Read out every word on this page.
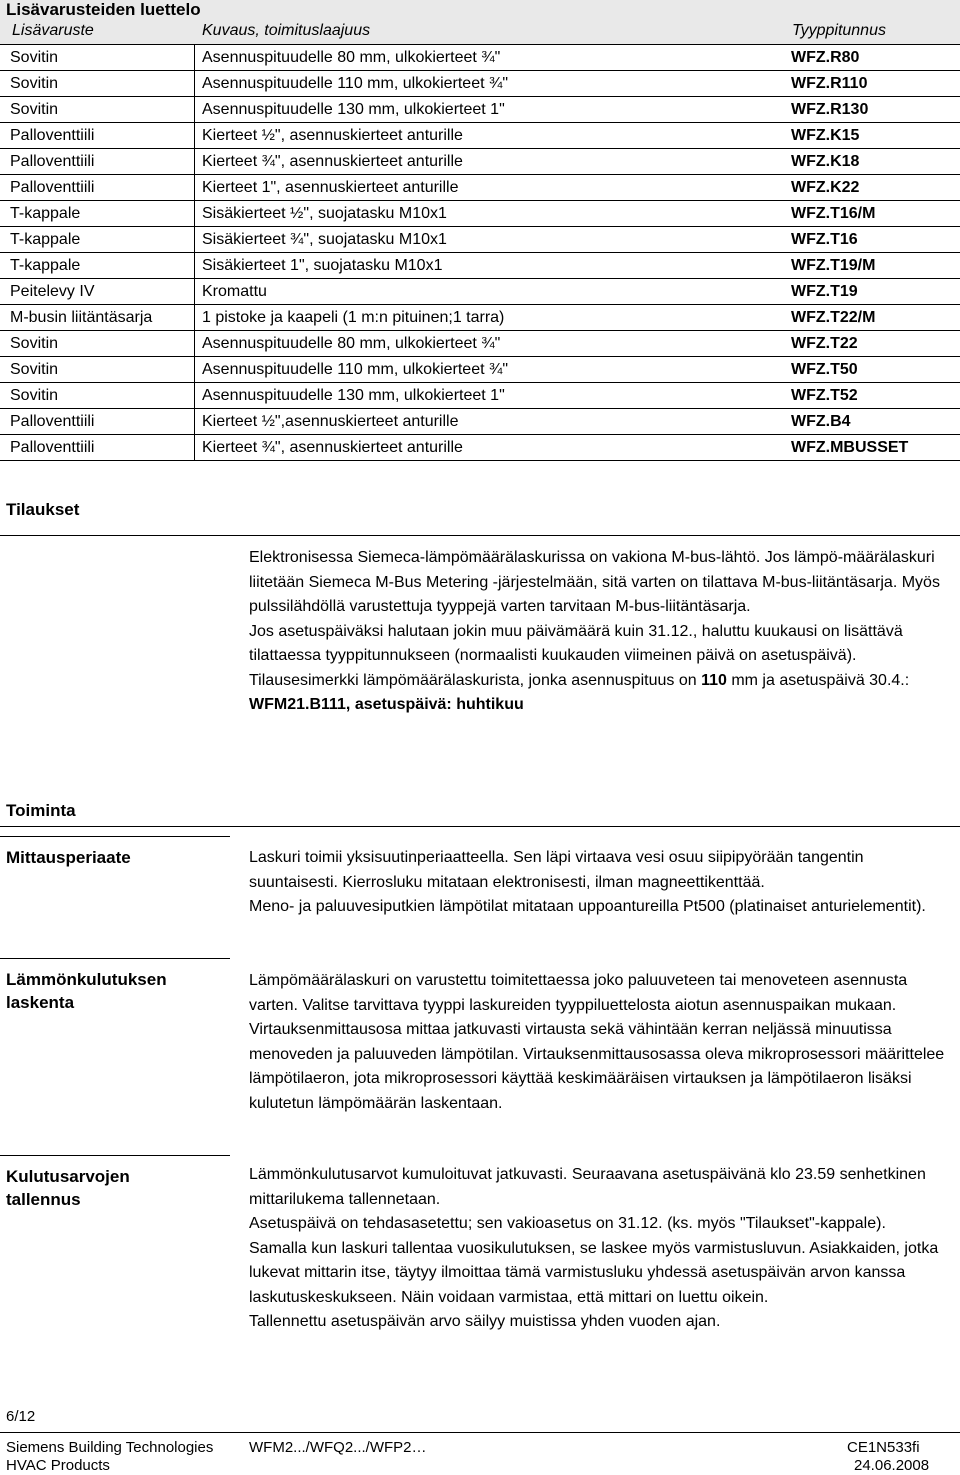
Lisävarusteiden luettelo
Lisävaruste	Kuvaus, toimituslaajuus	Tyyppitunnus
Sovitin	Asennuspituudelle 80 mm, ulkokierteet ¾"	WFZ.R80
Sovitin	Asennuspituudelle 110 mm, ulkokierteet ¾"	WFZ.R110
Sovitin	Asennuspituudelle 130 mm, ulkokierteet 1"	WFZ.R130
Palloventtiili	Kierteet ½", asennuskierteet anturille	WFZ.K15
Palloventtiili	Kierteet ¾", asennuskierteet anturille	WFZ.K18
Palloventtiili	Kierteet 1", asennuskierteet anturille	WFZ.K22
T-kappale	Sisäkierteet ½", suojatasku M10x1	WFZ.T16/M
T-kappale	Sisäkierteet ¾", suojatasku M10x1	WFZ.T16
T-kappale	Sisäkierteet 1", suojatasku M10x1	WFZ.T19/M
Peitelevy IV	Kromattu	WFZ.T19
M-busin liitäntäsarja	1 pistoke ja kaapeli (1 m:n pituinen;1 tarra)	WFZ.T22/M
Sovitin	Asennuspituudelle 80 mm, ulkokierteet ¾"	WFZ.T22
Sovitin	Asennuspituudelle 110 mm, ulkokierteet ¾"	WFZ.T50
Sovitin	Asennuspituudelle 130 mm, ulkokierteet 1"	WFZ.T52
Palloventtiili	Kierteet ½",asennuskierteet anturille	WFZ.B4
Palloventtiili	Kierteet ¾", asennuskierteet anturille	WFZ.MBUSSET
Tilaukset

Elektronisessa Siemeca-lämpömäärälaskurissa on vakiona M-bus-lähtö. Jos lämpö-määrälaskuri liitetään Siemeca M-Bus Metering -järjestelmään, sitä varten on tilattava M-bus-liitäntäsarja. Myös pulssilähdöllä varustettuja tyyppejä varten tarvitaan M-bus-liitäntäsarja.

Jos asetuspäiväksi halutaan jokin muu päivämäärä kuin 31.12., haluttu kuukausi on lisättävä tilattaessa tyyppitunnukseen (normaalisti kuukauden viimeinen päivä on asetuspäivä).

Tilausesimerkki lämpömäärälaskurista, jonka asennuspituus on 110 mm ja asetuspäivä 30.4.: WFM21.B111, asetuspäivä: huhtikuu

Toiminta
Mittausperiaate	Laskuri toimii yksisuutinperiaatteella. Sen läpi virtaava vesi osuu siipipyörään tangentin suuntaisesti. Kierrosluku mitataan elektronisesti, ilman magneettikenttää.

Meno- ja paluuvesiputkien lämpötilat mitataan uppoantureilla Pt500 (platinaiset anturielementit).

Lämmönkulutuksen laskenta

Lämpömäärälaskuri on varustettu toimitettaessa joko paluuveteen tai menoveteen asennusta varten. Valitse tarvittava tyyppi laskureiden tyyppiluettelosta aiotun asennuspaikan mukaan.

Virtauksenmittausosa mittaa jatkuvasti virtausta sekä vähintään kerran neljässä minuutissa menoveden ja paluuveden lämpötilan. Virtauksenmittausosassa oleva mikroprosessori määrittelee lämpötilaeron, jota mikroprosessori käyttää keskimääräisen virtauksen ja lämpötilaeron lisäksi kulutetun lämpömäärän laskentaan.

Kulutusarvojen tallennus

Lämmönkulutusarvot kumuloituvat jatkuvasti. Seuraavana asetuspäivänä klo 23.59 senhetkinen mittarilukema tallennetaan.

Asetuspäivä on tehdasasetettu; sen vakioasetus on 31.12. (ks. myös "Tilaukset"-kappale).

Samalla kun laskuri tallentaa vuosikulutuksen, se laskee myös varmistusluvun. Asiakkaiden, jotka lukevat mittarin itse, täytyy ilmoittaa tämä varmistusluku yhdessä asetuspäivän arvon kanssa laskutuskeskukseen. Näin voidaan varmistaa, että mittari on luettu oikein.

Tallennettu asetuspäivän arvo säilyy muistissa yhden vuoden ajan.

6/12
Siemens Building Technologies
HVAC Products
WFM2.../WFQ2.../WFP2…	CE1N533fi
24.06.2008
